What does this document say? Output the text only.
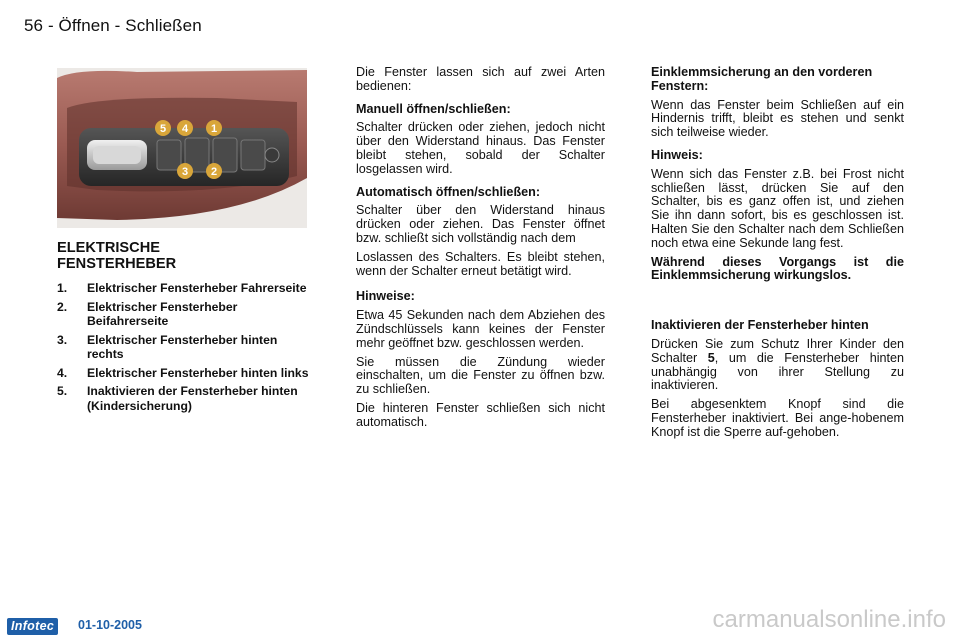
56 - Öffnen - Schließen
5 4 1
3 2
ELEKTRISCHE
FENSTERHEBER
1.	Elektrischer Fensterheber Fahrerseite
2.	Elektrischer Fensterheber Beifahrerseite
3.	Elektrischer Fensterheber hinten rechts
4.	Elektrischer Fensterheber hinten links
5.	Inaktivieren der Fensterheber hinten (Kindersicherung)

Die Fenster lassen sich auf zwei Arten bedienen:

Manuell öffnen/schließen:

Schalter drücken oder ziehen, jedoch nicht über den Widerstand hinaus. Das Fenster bleibt stehen, sobald der Schalter losgelassen wird.

Automatisch öffnen/schließen:

Schalter über den Widerstand hinaus drücken oder ziehen. Das Fenster öffnet bzw. schließt sich vollständig nach dem

Loslassen des Schalters. Es bleibt stehen, wenn der Schalter erneut betätigt wird.

Hinweise:

Etwa 45 Sekunden nach dem Abziehen des Zündschlüssels kann keines der Fenster mehr geöffnet bzw. geschlossen werden.

Sie müssen die Zündung wieder einschalten, um die Fenster zu öffnen bzw. zu schließen.

Die hinteren Fenster schließen sich nicht automatisch.

Einklemmsicherung an den vorderen Fenstern:

Wenn das Fenster beim Schließen auf ein Hindernis trifft, bleibt es stehen und senkt sich teilweise wieder.

Hinweis:

Wenn sich das Fenster z.B. bei Frost nicht schließen lässt, drücken Sie auf den Schalter, bis es ganz offen ist, und ziehen Sie ihn dann sofort, bis es geschlossen ist. Halten Sie den Schalter nach dem Schließen noch etwa eine Sekunde lang fest.

Während dieses Vorgangs ist die Einklemmsicherung wirkungslos.

Inaktivieren der Fensterheber hinten

Drücken Sie zum Schutz Ihrer Kinder den Schalter 5, um die Fensterheber hinten unabhängig von ihrer Stellung zu inaktivieren.

Bei abgesenktem Knopf sind die Fensterheber inaktiviert. Bei ange-hobenem Knopf ist die Sperre auf-gehoben.

Infotec	01-10-2005	carmanualsonline.info
